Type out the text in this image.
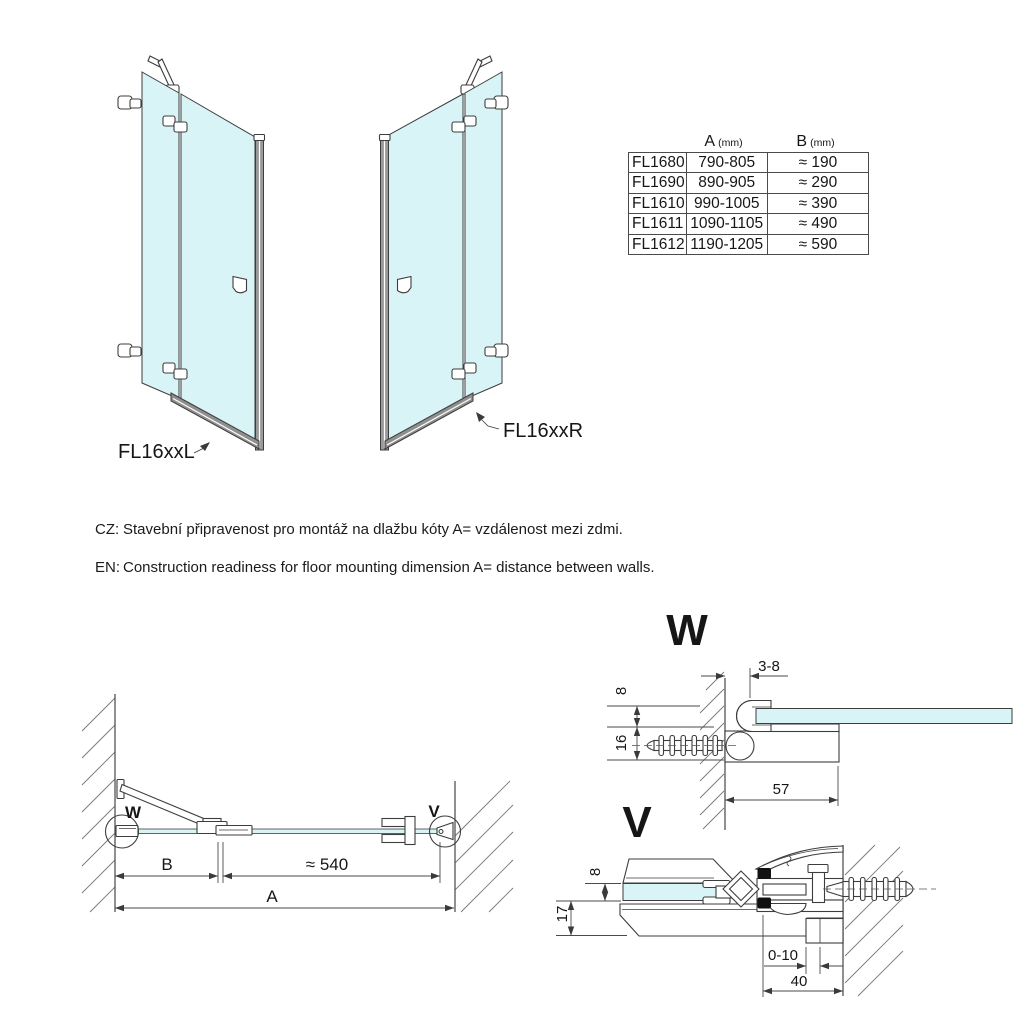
FL16xxL
FL16xxR
A (mm)	B (mm)
FL1680 790-805	≈ 190
FL1690 890-905	≈ 290
FL1610 990-1005	≈ 390
FL1611 1090-1105	≈ 490
FL1612 1190-1205	≈ 590
CZ: Stavební připravenost pro montáž na dlažbu kóty A= vzdálenost mezi zdmi.
EN: Construction readiness for floor mounting dimension A= distance between walls.
W
3-8
8
16
57
V
8
17
0-10
40
W	V
B	≈ 540
A
